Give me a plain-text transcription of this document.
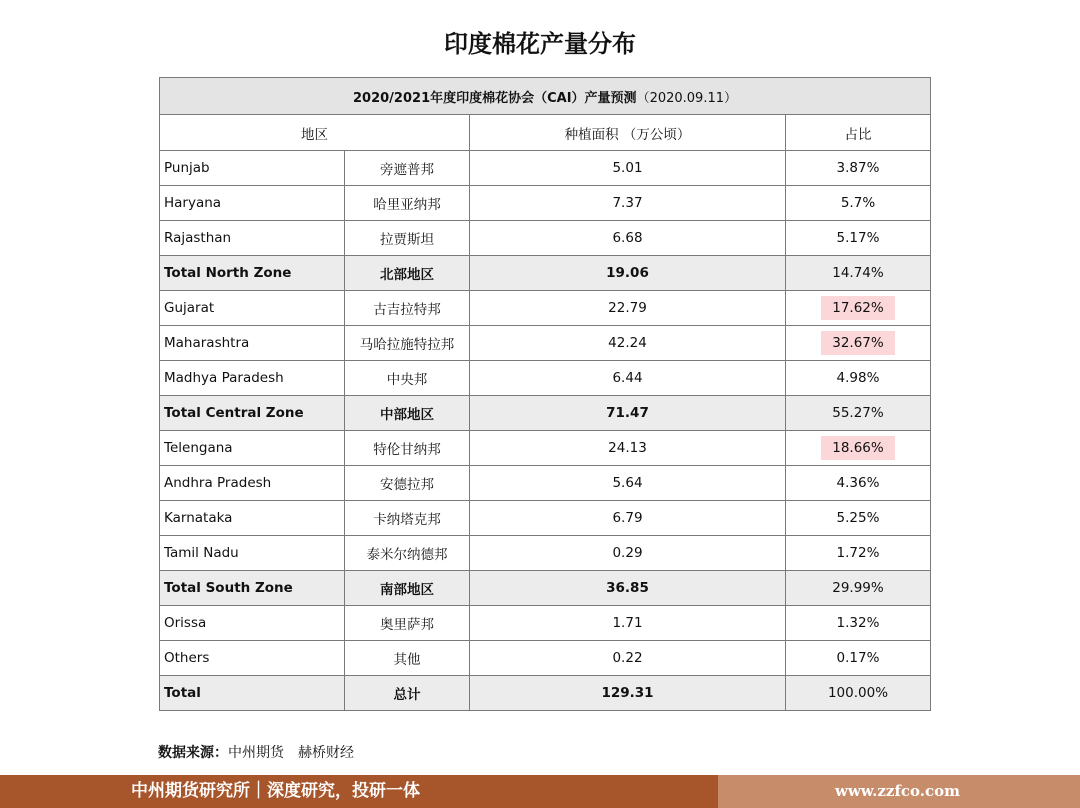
印度棉花产量分布
2020/2021年度印度棉花协会（CAI）产量预测（2020.09.11）			
地区		种植面积 （万公顷）	占比
Punjab	旁遮普邦	5.01	3.87%
Haryana	哈里亚纳邦	7.37	5.7%
Rajasthan	拉贾斯坦	6.68	5.17%
Total North Zone	北部地区	19.06	14.74%
Gujarat	古吉拉特邦	22.79	17.62%
Maharashtra	马哈拉施特拉邦	42.24	32.67%
Madhya Paradesh	中央邦	6.44	4.98%
Total Central Zone	中部地区	71.47	55.27%
Telengana	特伦甘纳邦	24.13	18.66%
Andhra Pradesh	安德拉邦	5.64	4.36%
Karnataka	卡纳塔克邦	6.79	5.25%
Tamil Nadu	泰米尔纳德邦	0.29	1.72%
Total South Zone	南部地区	36.85	29.99%
Orissa	奥里萨邦	1.71	1.32%
Others	其他	0.22	0.17%
Total	总计	129.31	100.00%
数据来源：中州期货　赫桥财经
中州期货研究所｜深度研究，投研一体	www.zzfco.com
